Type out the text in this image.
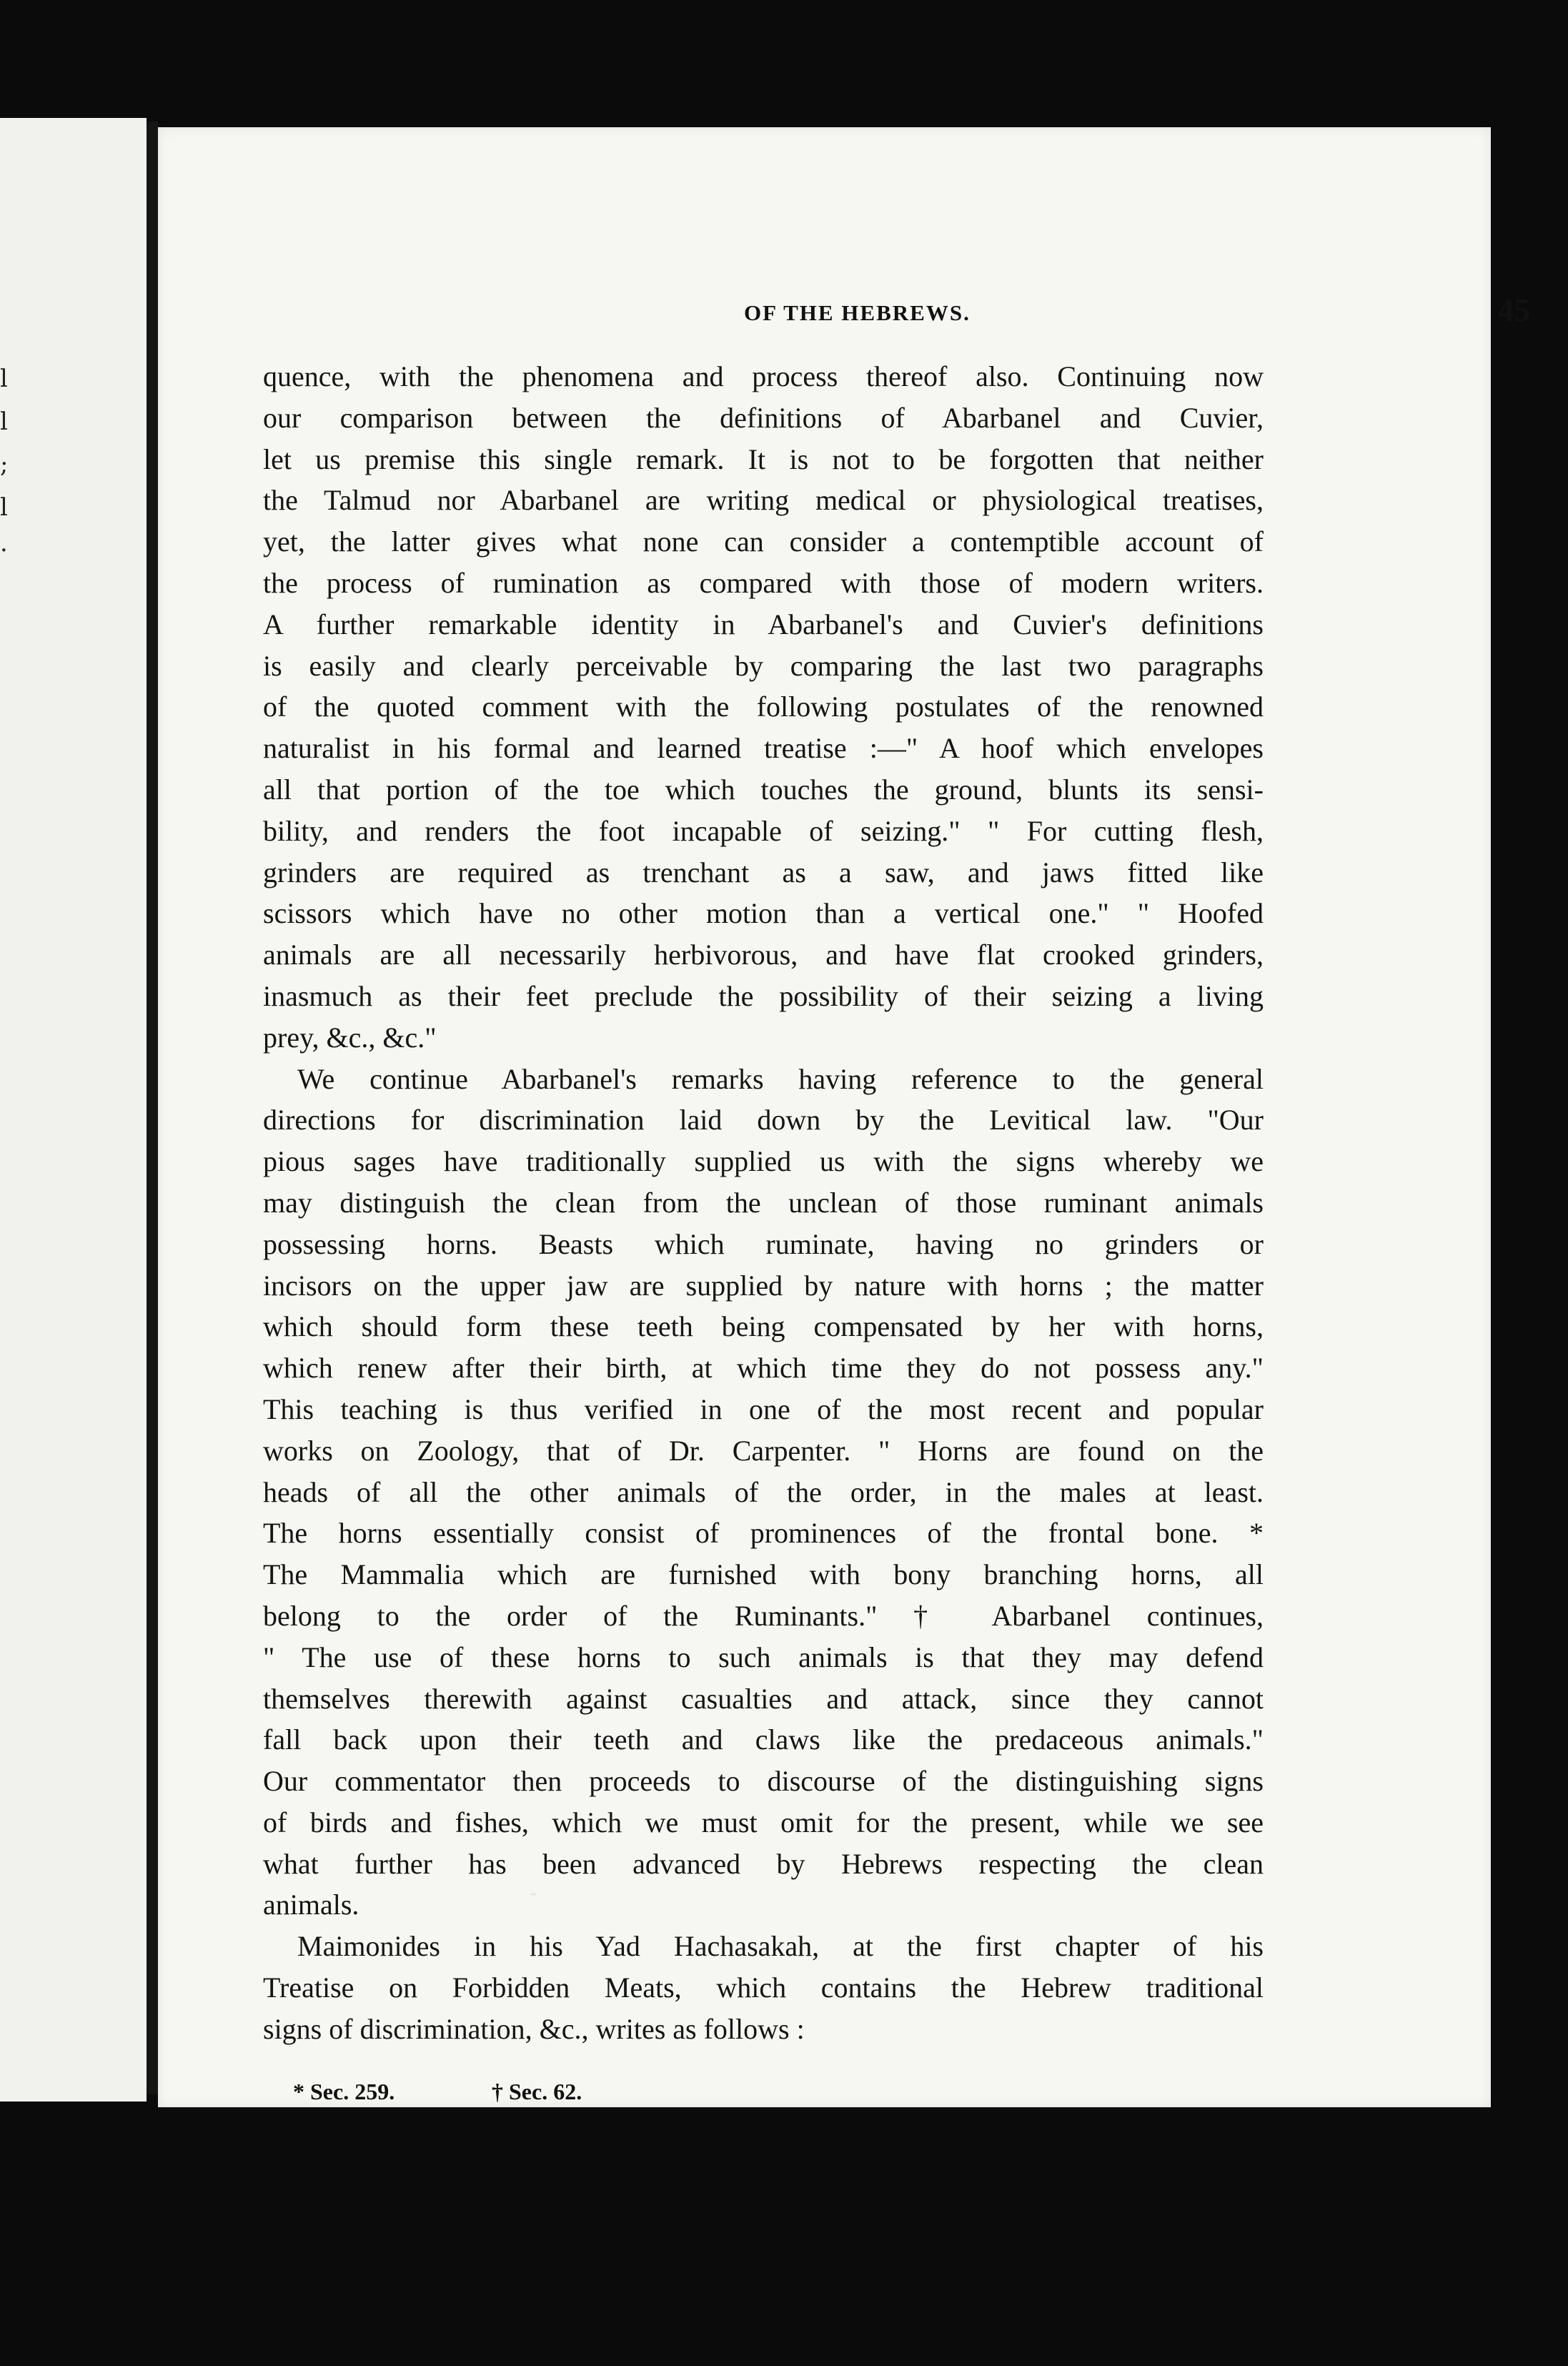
l
l
;
l
·
OF THE HEBREWS.	45
quence, with the phenomena and process thereof also. Continuing now
our comparison between the definitions of Abarbanel and Cuvier,
let us premise this single remark. It is not to be forgotten that neither
the Talmud nor Abarbanel are writing medical or physiological treatises,
yet, the latter gives what none can consider a contemptible account of
the process of rumination as compared with those of modern writers.
A further remarkable identity in Abarbanel's and Cuvier's definitions
is easily and clearly perceivable by comparing the last two paragraphs
of the quoted comment with the following postulates of the renowned
naturalist in his formal and learned treatise :—" A hoof which envelopes
all that portion of the toe which touches the ground, blunts its sensi-
bility, and renders the foot incapable of seizing." " For cutting flesh,
grinders are required as trenchant as a saw, and jaws fitted like
scissors which have no other motion than a vertical one." " Hoofed
animals are all necessarily herbivorous, and have flat crooked grinders,
inasmuch as their feet preclude the possibility of their seizing a living
prey, &c., &c."
We continue Abarbanel's remarks having reference to the general
directions for discrimination laid down by the Levitical law. "Our
pious sages have traditionally supplied us with the signs whereby we
may distinguish the clean from the unclean of those ruminant animals
possessing horns. Beasts which ruminate, having no grinders or
incisors on the upper jaw are supplied by nature with horns ; the matter
which should form these teeth being compensated by her with horns,
which renew after their birth, at which time they do not possess any."
This teaching is thus verified in one of the most recent and popular
works on Zoology, that of Dr. Carpenter. " Horns are found on the
heads of all the other animals of the order, in the males at least.
The horns essentially consist of prominences of the frontal bone. *
The Mammalia which are furnished with bony branching horns, all
belong to the order of the Ruminants." † Abarbanel continues,
" The use of these horns to such animals is that they may defend
themselves therewith against casualties and attack, since they cannot
fall back upon their teeth and claws like the predaceous animals."
Our commentator then proceeds to discourse of the distinguishing signs
of birds and fishes, which we must omit for the present, while we see
what further has been advanced by Hebrews respecting the clean
animals.
Maimonides in his Yad Hachasakah, at the first chapter of his
Treatise on Forbidden Meats, which contains the Hebrew traditional
signs of discrimination, &c., writes as follows :
* Sec. 259.	† Sec. 62.
